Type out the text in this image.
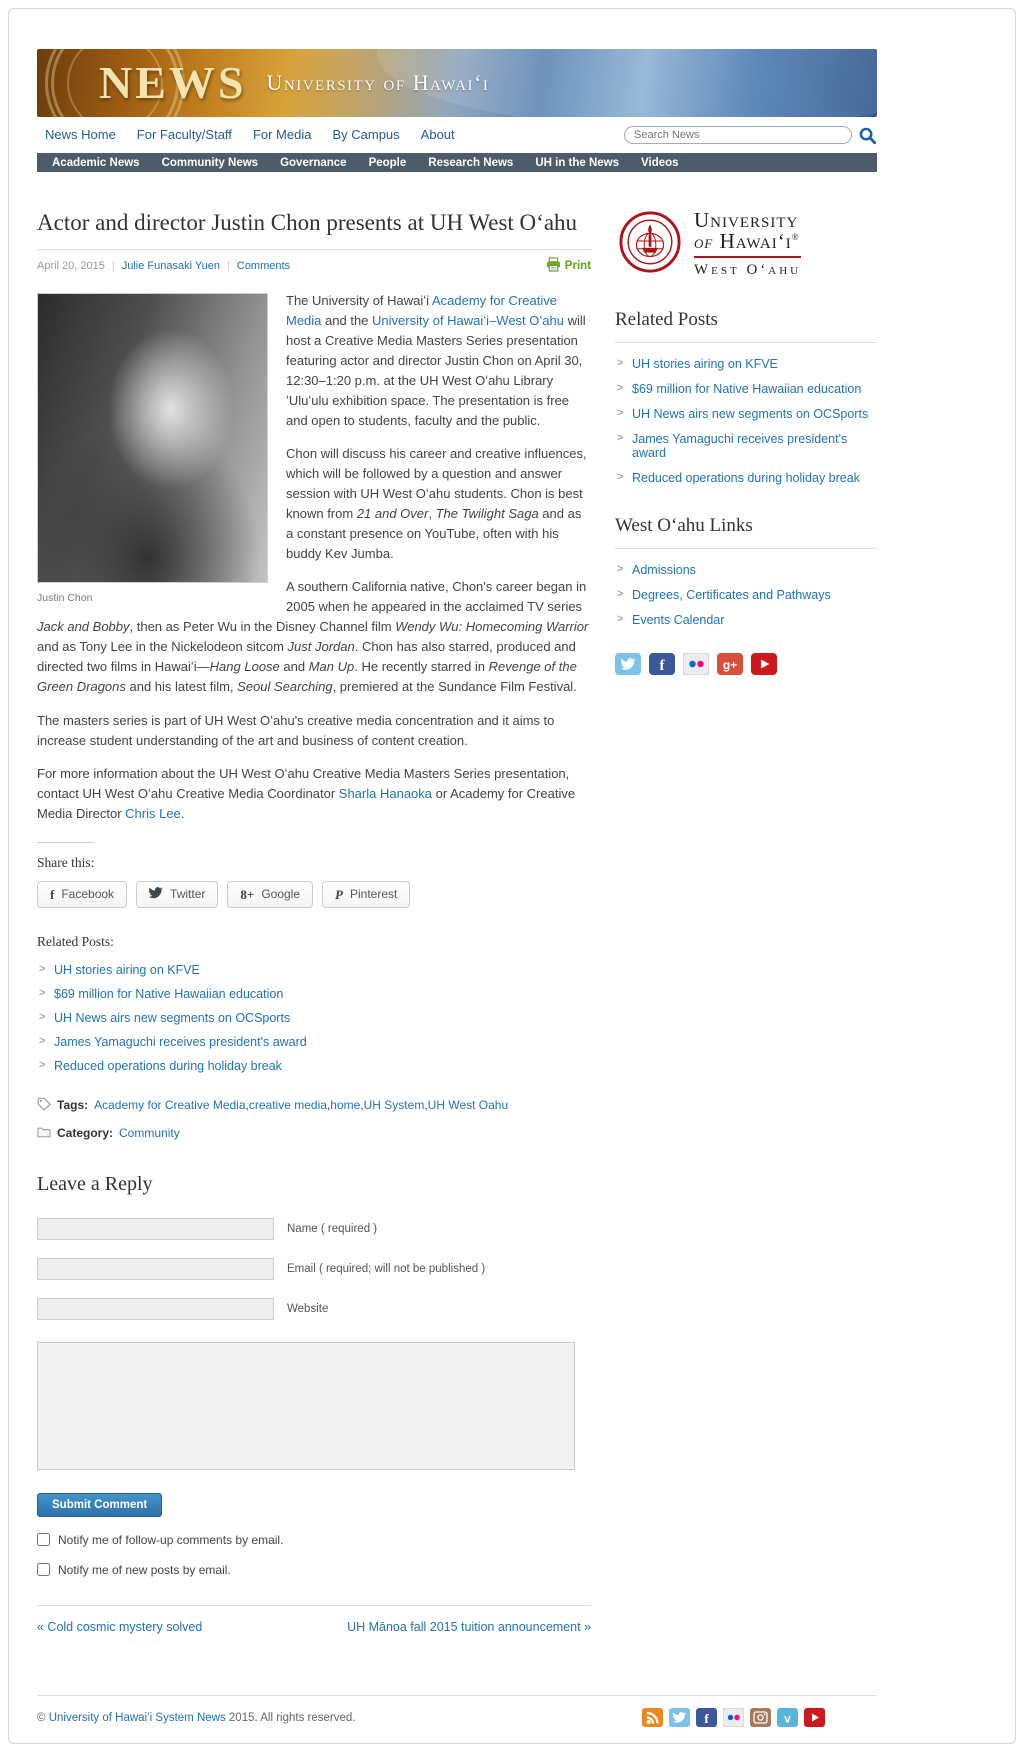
NEWS University of Hawaiʻi
News Home For Faculty/Staff For Media By Campus About
Search News
Academic News	Community News	Governance	People	Research News	UH in the News	Videos
Actor and director Justin Chon presents at UH West Oʻahu
April 20, 2015 | Julie Funasaki Yuen | Comments	Print
Justin Chon

The University of Hawaiʻi Academy for Creative Media and the University of Hawaiʻi–West Oʻahu will host a Creative Media Masters Series presentation featuring actor and director Justin Chon on April 30, 12:30–1:20 p.m. at the UH West Oʻahu Library ʻUluʻulu exhibition space. The presentation is free and open to students, faculty and the public.

Chon will discuss his career and creative influences, which will be followed by a question and answer session with UH West Oʻahu students. Chon is best known from 21 and Over, The Twilight Saga and as a constant presence on YouTube, often with his buddy Kev Jumba.

A southern California native, Chon's career began in 2005 when he appeared in the acclaimed TV series Jack and Bobby, then as Peter Wu in the Disney Channel film Wendy Wu: Homecoming Warrior and as Tony Lee in the Nickelodeon sitcom Just Jordan. Chon has also starred, produced and directed two films in Hawaiʻi—Hang Loose and Man Up. He recently starred in Revenge of the Green Dragons and his latest film, Seoul Searching, premiered at the Sundance Film Festival.

The masters series is part of UH West Oʻahu's creative media concentration and it aims to increase student understanding of the art and business of content creation.

For more information about the UH West Oʻahu Creative Media Masters Series presentation, contact UH West Oʻahu Creative Media Coordinator Sharla Hanaoka or Academy for Creative Media Director Chris Lee.

Share this:
f Facebook	Twitter	8+ Google	P Pinterest
Related Posts:
> UH stories airing on KFVE
> $69 million for Native Hawaiian education
> UH News airs new segments on OCSports
> James Yamaguchi receives president's award
> Reduced operations during holiday break
Tags: Academy for Creative Media , creative media , home , UH System , UH West Oahu
Category: Community
Leave a Reply
Name ( required )
Email ( required; will not be published )
Website
Submit Comment
Notify me of follow-up comments by email.
Notify me of new posts by email.
« Cold cosmic mystery solved	UH Mānoa fall 2015 tuition announcement »
University
of Hawaiʻi®
West Oʻahu
Related Posts
> UH stories airing on KFVE
> $69 million for Native Hawaiian education
> UH News airs new segments on OCSports
> James Yamaguchi receives president's award
> Reduced operations during holiday break
West Oʻahu Links
> Admissions
> Degrees, Certificates and Pathways
> Events Calendar
f	g+
© University of Hawaiʻi System News 2015. All rights reserved.	f	v
